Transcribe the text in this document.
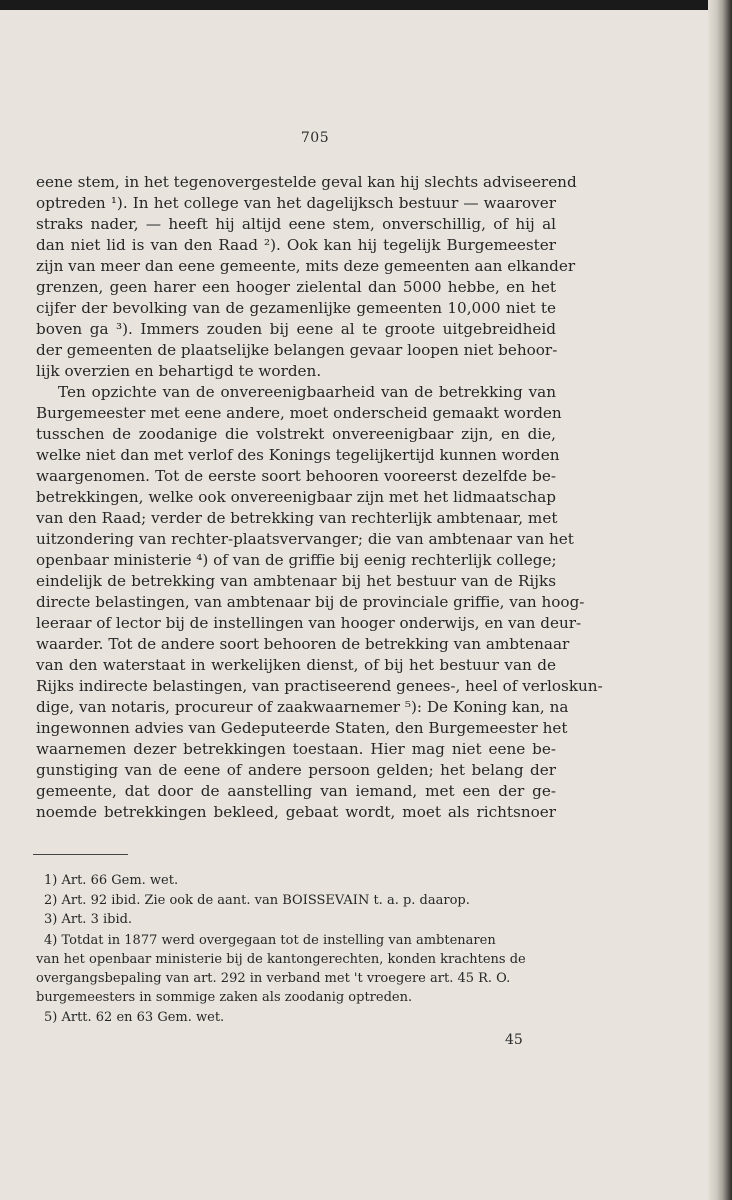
705
eene stem, in het tegenovergestelde geval kan hij slechts adviseerend
optreden ¹). In het college van het dagelijksch bestuur — waarover
straks nader, — heeft hij altijd eene stem, onverschillig, of hij al
dan niet lid is van den Raad ²). Ook kan hij tegelijk Burgemeester
zijn van meer dan eene gemeente, mits deze gemeenten aan elkander
grenzen, geen harer een hooger zielental dan 5000 hebbe, en het
cijfer der bevolking van de gezamenlijke gemeenten 10,000 niet te
boven ga ³). Immers zouden bij eene al te groote uitgebreidheid
der gemeenten de plaatselijke belangen gevaar loopen niet behoor-
lijk overzien en behartigd te worden.
Ten opzichte van de onvereenigbaarheid van de betrekking van
Burgemeester met eene andere, moet onderscheid gemaakt worden
tusschen de zoodanige die volstrekt onvereenigbaar zijn, en die,
welke niet dan met verlof des Konings tegelijkertijd kunnen worden
waargenomen. Tot de eerste soort behooren vooreerst dezelfde be-
betrekkingen, welke ook onvereenigbaar zijn met het lidmaatschap
van den Raad; verder de betrekking van rechterlijk ambtenaar, met
uitzondering van rechter-plaatsvervanger; die van ambtenaar van het
openbaar ministerie ⁴) of van de griffie bij eenig rechterlijk college;
eindelijk de betrekking van ambtenaar bij het bestuur van de Rijks
directe belastingen, van ambtenaar bij de provinciale griffie, van hoog-
leeraar of lector bij de instellingen van hooger onderwijs, en van deur-
waarder. Tot de andere soort behooren de betrekking van ambtenaar
van den waterstaat in werkelijken dienst, of bij het bestuur van de
Rijks indirecte belastingen, van practiseerend genees-, heel of verloskun-
dige, van notaris, procureur of zaakwaarnemer ⁵): De Koning kan, na
ingewonnen advies van Gedeputeerde Staten, den Burgemeester het
waarnemen dezer betrekkingen toestaan. Hier mag niet eene be-
gunstiging van de eene of andere persoon gelden; het belang der
gemeente, dat door de aanstelling van iemand, met een der ge-
noemde betrekkingen bekleed, gebaat wordt, moet als richtsnoer
1) Art. 66 Gem. wet.
2) Art. 92 ibid. Zie ook de aant. van BOISSEVAIN t. a. p. daarop.
3) Art. 3 ibid.
4) Totdat in 1877 werd overgegaan tot de instelling van ambtenaren
van het openbaar ministerie bij de kantongerechten, konden krachtens de
overgangsbepaling van art. 292 in verband met 't vroegere art. 45 R. O.
burgemeesters in sommige zaken als zoodanig optreden.
5) Artt. 62 en 63 Gem. wet.
45
